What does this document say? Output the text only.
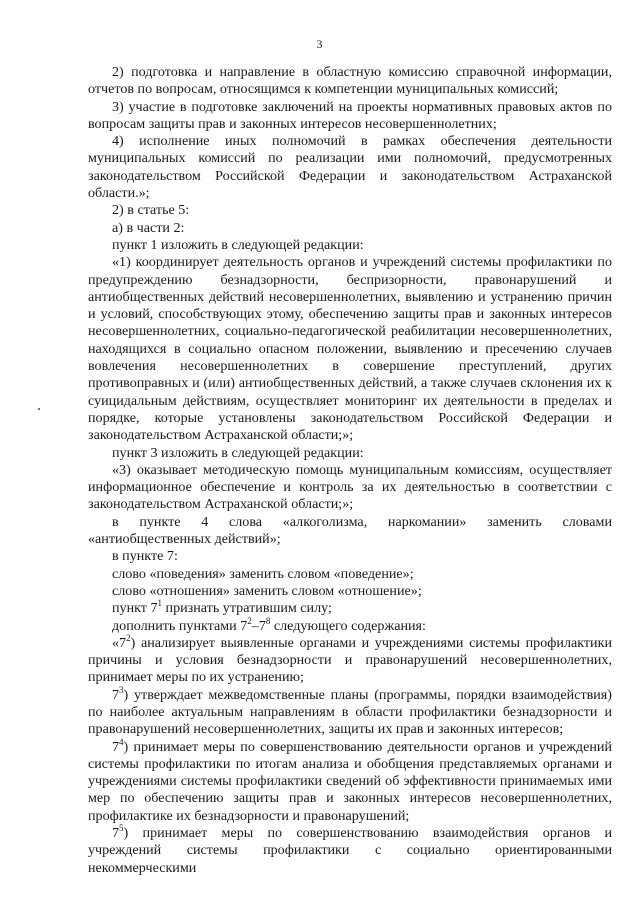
3

2) подготовка и направление в областную комиссию справочной информации, отчетов по вопросам, относящимся к компетенции муниципальных комиссий;

3) участие в подготовке заключений на проекты нормативных правовых актов по вопросам защиты прав и законных интересов несовершеннолетних;

4) исполнение иных полномочий в рамках обеспечения деятельности муниципальных комиссий по реализации ими полномочий, предусмотренных законодательством Российской Федерации и законодательством Астраханской области.»;

2) в статье 5:

а) в части 2:

пункт 1 изложить в следующей редакции:

«1) координирует деятельность органов и учреждений системы профилактики по предупреждению безнадзорности, беспризорности, правонарушений и антиобщественных действий несовершеннолетних, выявлению и устранению причин и условий, способствующих этому, обеспечению защиты прав и законных интересов несовершеннолетних, социально-педагогической реабилитации несовершеннолетних, находящихся в социально опасном положении, выявлению и пресечению случаев вовлечения несовершеннолетних в совершение преступлений, других противоправных и (или) антиобщественных действий, а также случаев склонения их к суицидальным действиям, осуществляет мониторинг их деятельности в пределах и порядке, которые установлены законодательством Российской Федерации и законодательством Астраханской области;»;

пункт 3 изложить в следующей редакции:

«3) оказывает методическую помощь муниципальным комиссиям, осуществляет информационное обеспечение и контроль за их деятельностью в соответствии с законодательством Астраханской области;»;

в пункте 4 слова «алкоголизма, наркомании» заменить словами «антиобщественных действий»;

в пункте 7:

слово «поведения» заменить словом «поведение»;

слово «отношения» заменить словом «отношение»;

пункт $7^1$ признать утратившим силу;

дополнить пунктами $7^2-7^8$ следующего содержания:

«$7^2$) анализирует выявленные органами и учреждениями системы профилактики причины и условия безнадзорности и правонарушений несовершеннолетних, принимает меры по их устранению;

$7^3$) утверждает межведомственные планы (программы, порядки взаимодействия) по наиболее актуальным направлениям в области профилактики безнадзорности и правонарушений несовершеннолетних, защиты их прав и законных интересов;

$7^4$) принимает меры по совершенствованию деятельности органов и учреждений системы профилактики по итогам анализа и обобщения представляемых органами и учреждениями системы профилактики сведений об эффективности принимаемых ими мер по обеспечению защиты прав и законных интересов несовершеннолетних, профилактике их безнадзорности и правонарушений;

$7^5$) принимает меры по совершенствованию взаимодействия органов и учреждений системы профилактики с социально ориентированными некоммерческими
